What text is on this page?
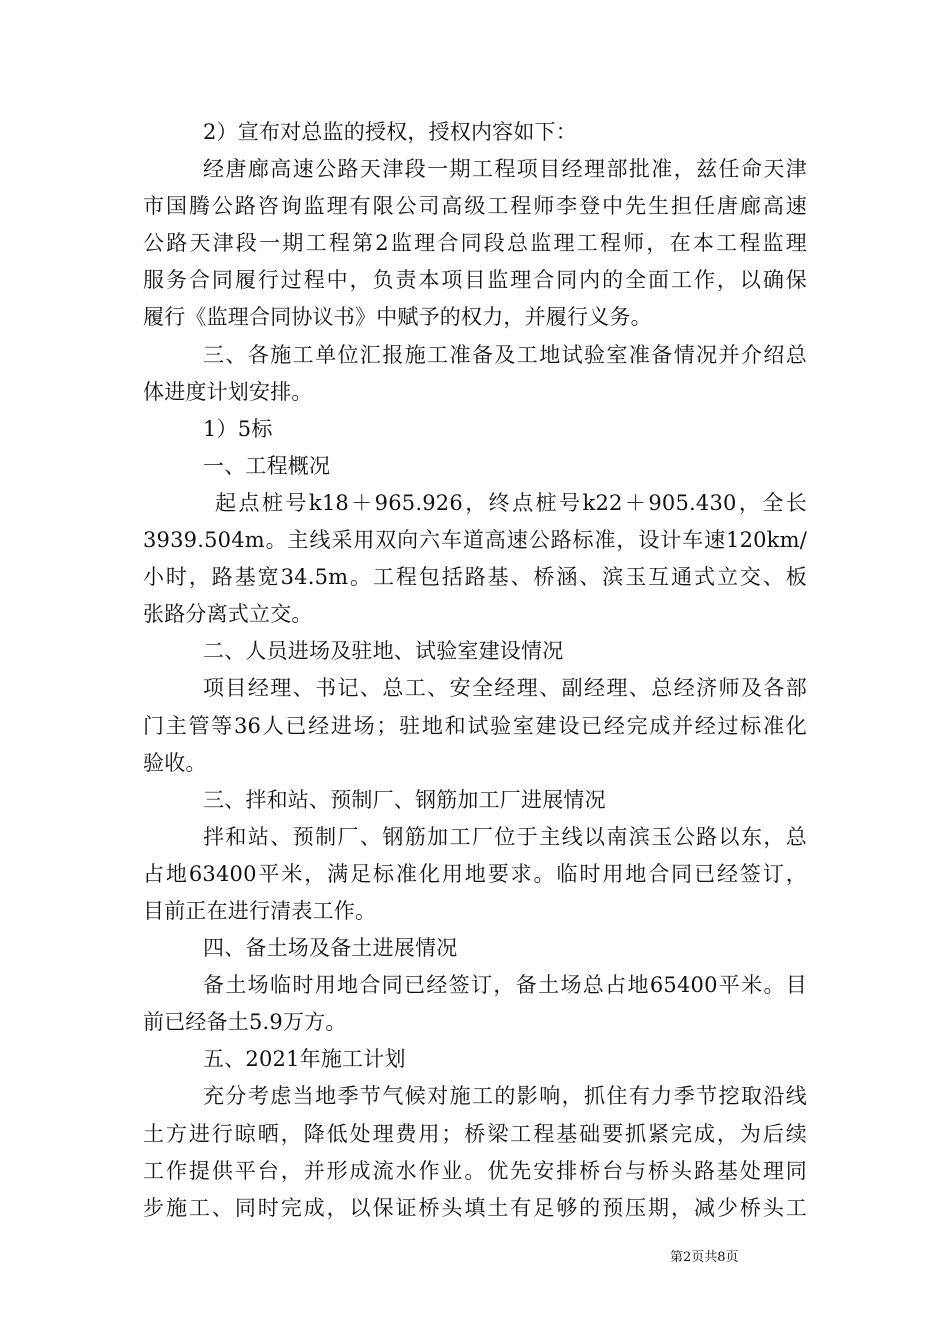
2）宣布对总监的授权，授权内容如下：
经唐廊高速公路天津段一期工程项目经理部批准，兹任命天津
市国腾公路咨询监理有限公司高级工程师李登中先生担任唐廊高速
公路天津段一期工程第2监理合同段总监理工程师，在本工程监理
服务合同履行过程中，负责本项目监理合同内的全面工作，以确保
履行《监理合同协议书》中赋予的权力，并履行义务。
三、各施工单位汇报施工准备及工地试验室准备情况并介绍总
体进度计划安排。
1）5标
一、工程概况
起点桩号k18＋965.926，终点桩号k22＋905.430，全长
3939.504m。主线采用双向六车道高速公路标准，设计车速120km/
小时，路基宽34.5m。工程包括路基、桥涵、滨玉互通式立交、板
张路分离式立交。
二、人员进场及驻地、试验室建设情况
项目经理、书记、总工、安全经理、副经理、总经济师及各部
门主管等36人已经进场；驻地和试验室建设已经完成并经过标准化
验收。
三、拌和站、预制厂、钢筋加工厂进展情况
拌和站、预制厂、钢筋加工厂位于主线以南滨玉公路以东，总
占地63400平米，满足标准化用地要求。临时用地合同已经签订，
目前正在进行清表工作。
四、备土场及备土进展情况
备土场临时用地合同已经签订，备土场总占地65400平米。目
前已经备土5.9万方。
五、2021年施工计划
充分考虑当地季节气候对施工的影响，抓住有力季节挖取沿线
土方进行晾晒，降低处理费用；桥梁工程基础要抓紧完成，为后续
工作提供平台，并形成流水作业。优先安排桥台与桥头路基处理同
步施工、同时完成，以保证桥头填土有足够的预压期，减少桥头工
第2页共8页
